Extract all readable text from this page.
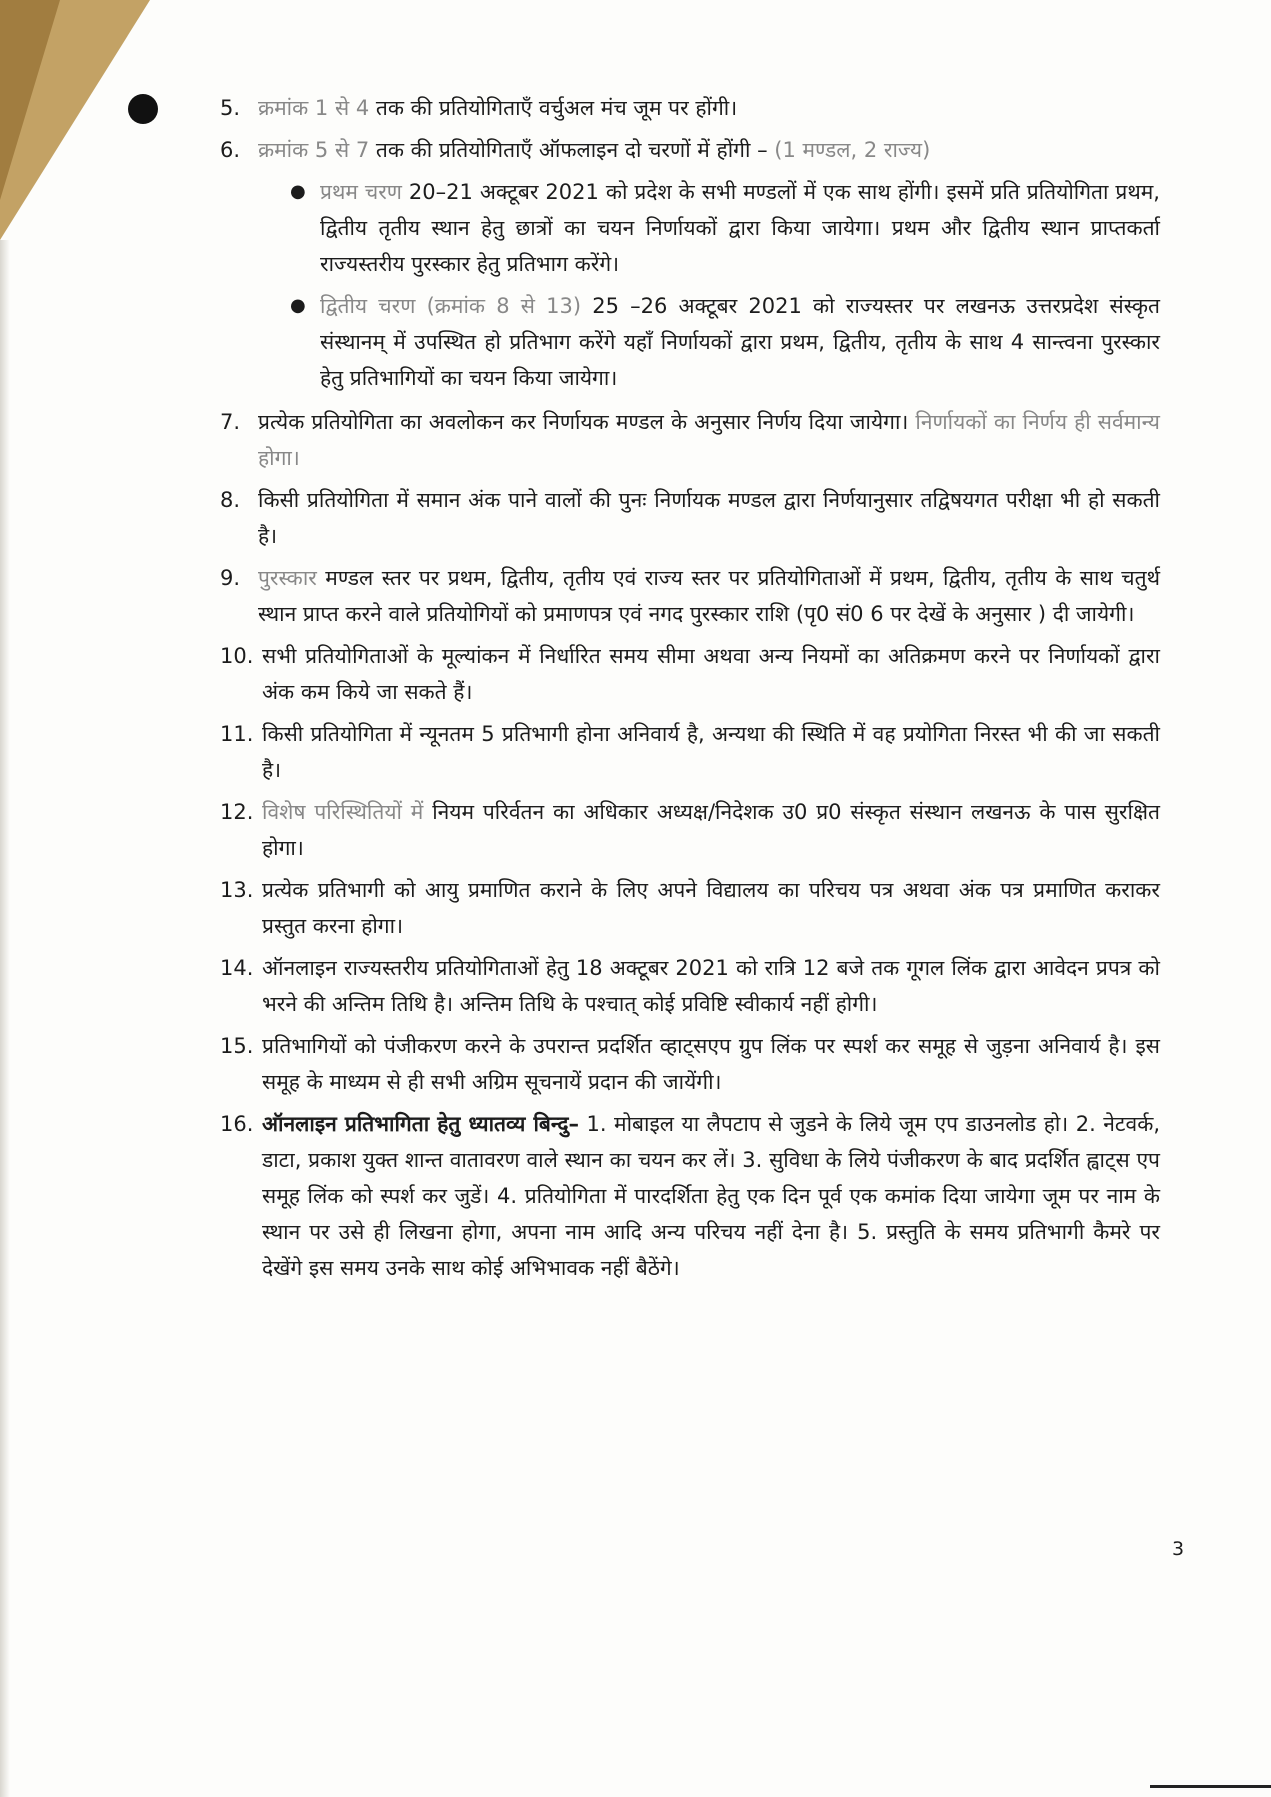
5. क्रमांक 1 से 4 तक की प्रतियोगिताएँ वर्चुअल मंच जूम पर होंगी।
6. क्रमांक 5 से 7 तक की प्रतियोगिताएँ ऑफलाइन दो चरणों में होंगी – (1 मण्डल, 2 राज्य)
● प्रथम चरण 20–21 अक्टूबर 2021 को प्रदेश के सभी मण्डलों में एक साथ होंगी। इसमें प्रति प्रतियोगिता प्रथम, द्वितीय तृतीय स्थान हेतु छात्रों का चयन निर्णायकों द्वारा किया जायेगा। प्रथम और द्वितीय स्थान प्राप्तकर्ता राज्यस्तरीय पुरस्कार हेतु प्रतिभाग करेंगे।
● द्वितीय चरण (क्रमांक 8 से 13) 25 –26 अक्टूबर 2021 को राज्यस्तर पर लखनऊ उत्तरप्रदेश संस्कृत संस्थानम् में उपस्थित हो प्रतिभाग करेंगे यहाँ निर्णायकों द्वारा प्रथम, द्वितीय, तृतीय के साथ 4 सान्त्वना पुरस्कार हेतु प्रतिभागियों का चयन किया जायेगा।
7. प्रत्येक प्रतियोगिता का अवलोकन कर निर्णायक मण्डल के अनुसार निर्णय दिया जायेगा। निर्णायकों का निर्णय ही सर्वमान्य होगा।
8. किसी प्रतियोगिता में समान अंक पाने वालों की पुनः निर्णायक मण्डल द्वारा निर्णयानुसार तद्विषयगत परीक्षा भी हो सकती है।
9. पुरस्कार मण्डल स्तर पर प्रथम, द्वितीय, तृतीय एवं राज्य स्तर पर प्रतियोगिताओं में प्रथम, द्वितीय, तृतीय के साथ चतुर्थ स्थान प्राप्त करने वाले प्रतियोगियों को प्रमाणपत्र एवं नगद पुरस्कार राशि (पृ0 सं0 6 पर देखें के अनुसार ) दी जायेगी।
10. सभी प्रतियोगिताओं के मूल्यांकन में निर्धारित समय सीमा अथवा अन्य नियमों का अतिक्रमण करने पर निर्णायकों द्वारा अंक कम किये जा सकते हैं।
11. किसी प्रतियोगिता में न्यूनतम 5 प्रतिभागी होना अनिवार्य है, अन्यथा की स्थिति में वह प्रयोगिता निरस्त भी की जा सकती है।
12. विशेष परिस्थितियों में नियम परिर्वतन का अधिकार अध्यक्ष/निदेशक उ0 प्र0 संस्कृत संस्थान लखनऊ के पास सुरक्षित होगा।
13. प्रत्येक प्रतिभागी को आयु प्रमाणित कराने के लिए अपने विद्यालय का परिचय पत्र अथवा अंक पत्र प्रमाणित कराकर प्रस्तुत करना होगा।
14. ऑनलाइन राज्यस्तरीय प्रतियोगिताओं हेतु 18 अक्टूबर 2021 को रात्रि 12 बजे तक गूगल लिंक द्वारा आवेदन प्रपत्र को भरने की अन्तिम तिथि है। अन्तिम तिथि के पश्चात् कोई प्रविष्टि स्वीकार्य नहीं होगी।
15. प्रतिभागियों को पंजीकरण करने के उपरान्त प्रदर्शित व्हाट्सएप ग्रुप लिंक पर स्पर्श कर समूह से जुड़ना अनिवार्य है। इस समूह के माध्यम से ही सभी अग्रिम सूचनायें प्रदान की जायेंगी।
16. ऑनलाइन प्रतिभागिता हेतु ध्यातव्य बिन्दु– 1. मोबाइल या लैपटाप से जुडने के लिये जूम एप डाउनलोड हो। 2. नेटवर्क, डाटा, प्रकाश युक्त शान्त वातावरण वाले स्थान का चयन कर लें। 3. सुविधा के लिये पंजीकरण के बाद प्रदर्शित ह्वाट्स एप समूह लिंक को स्पर्श कर जुडें। 4. प्रतियोगिता में पारदर्शिता हेतु एक दिन पूर्व एक कमांक दिया जायेगा जूम पर नाम के स्थान पर उसे ही लिखना होगा, अपना नाम आदि अन्य परिचय नहीं देना है। 5. प्रस्तुति के समय प्रतिभागी कैमरे पर देखेंगे इस समय उनके साथ कोई अभिभावक नहीं बैठेंगे।
3
